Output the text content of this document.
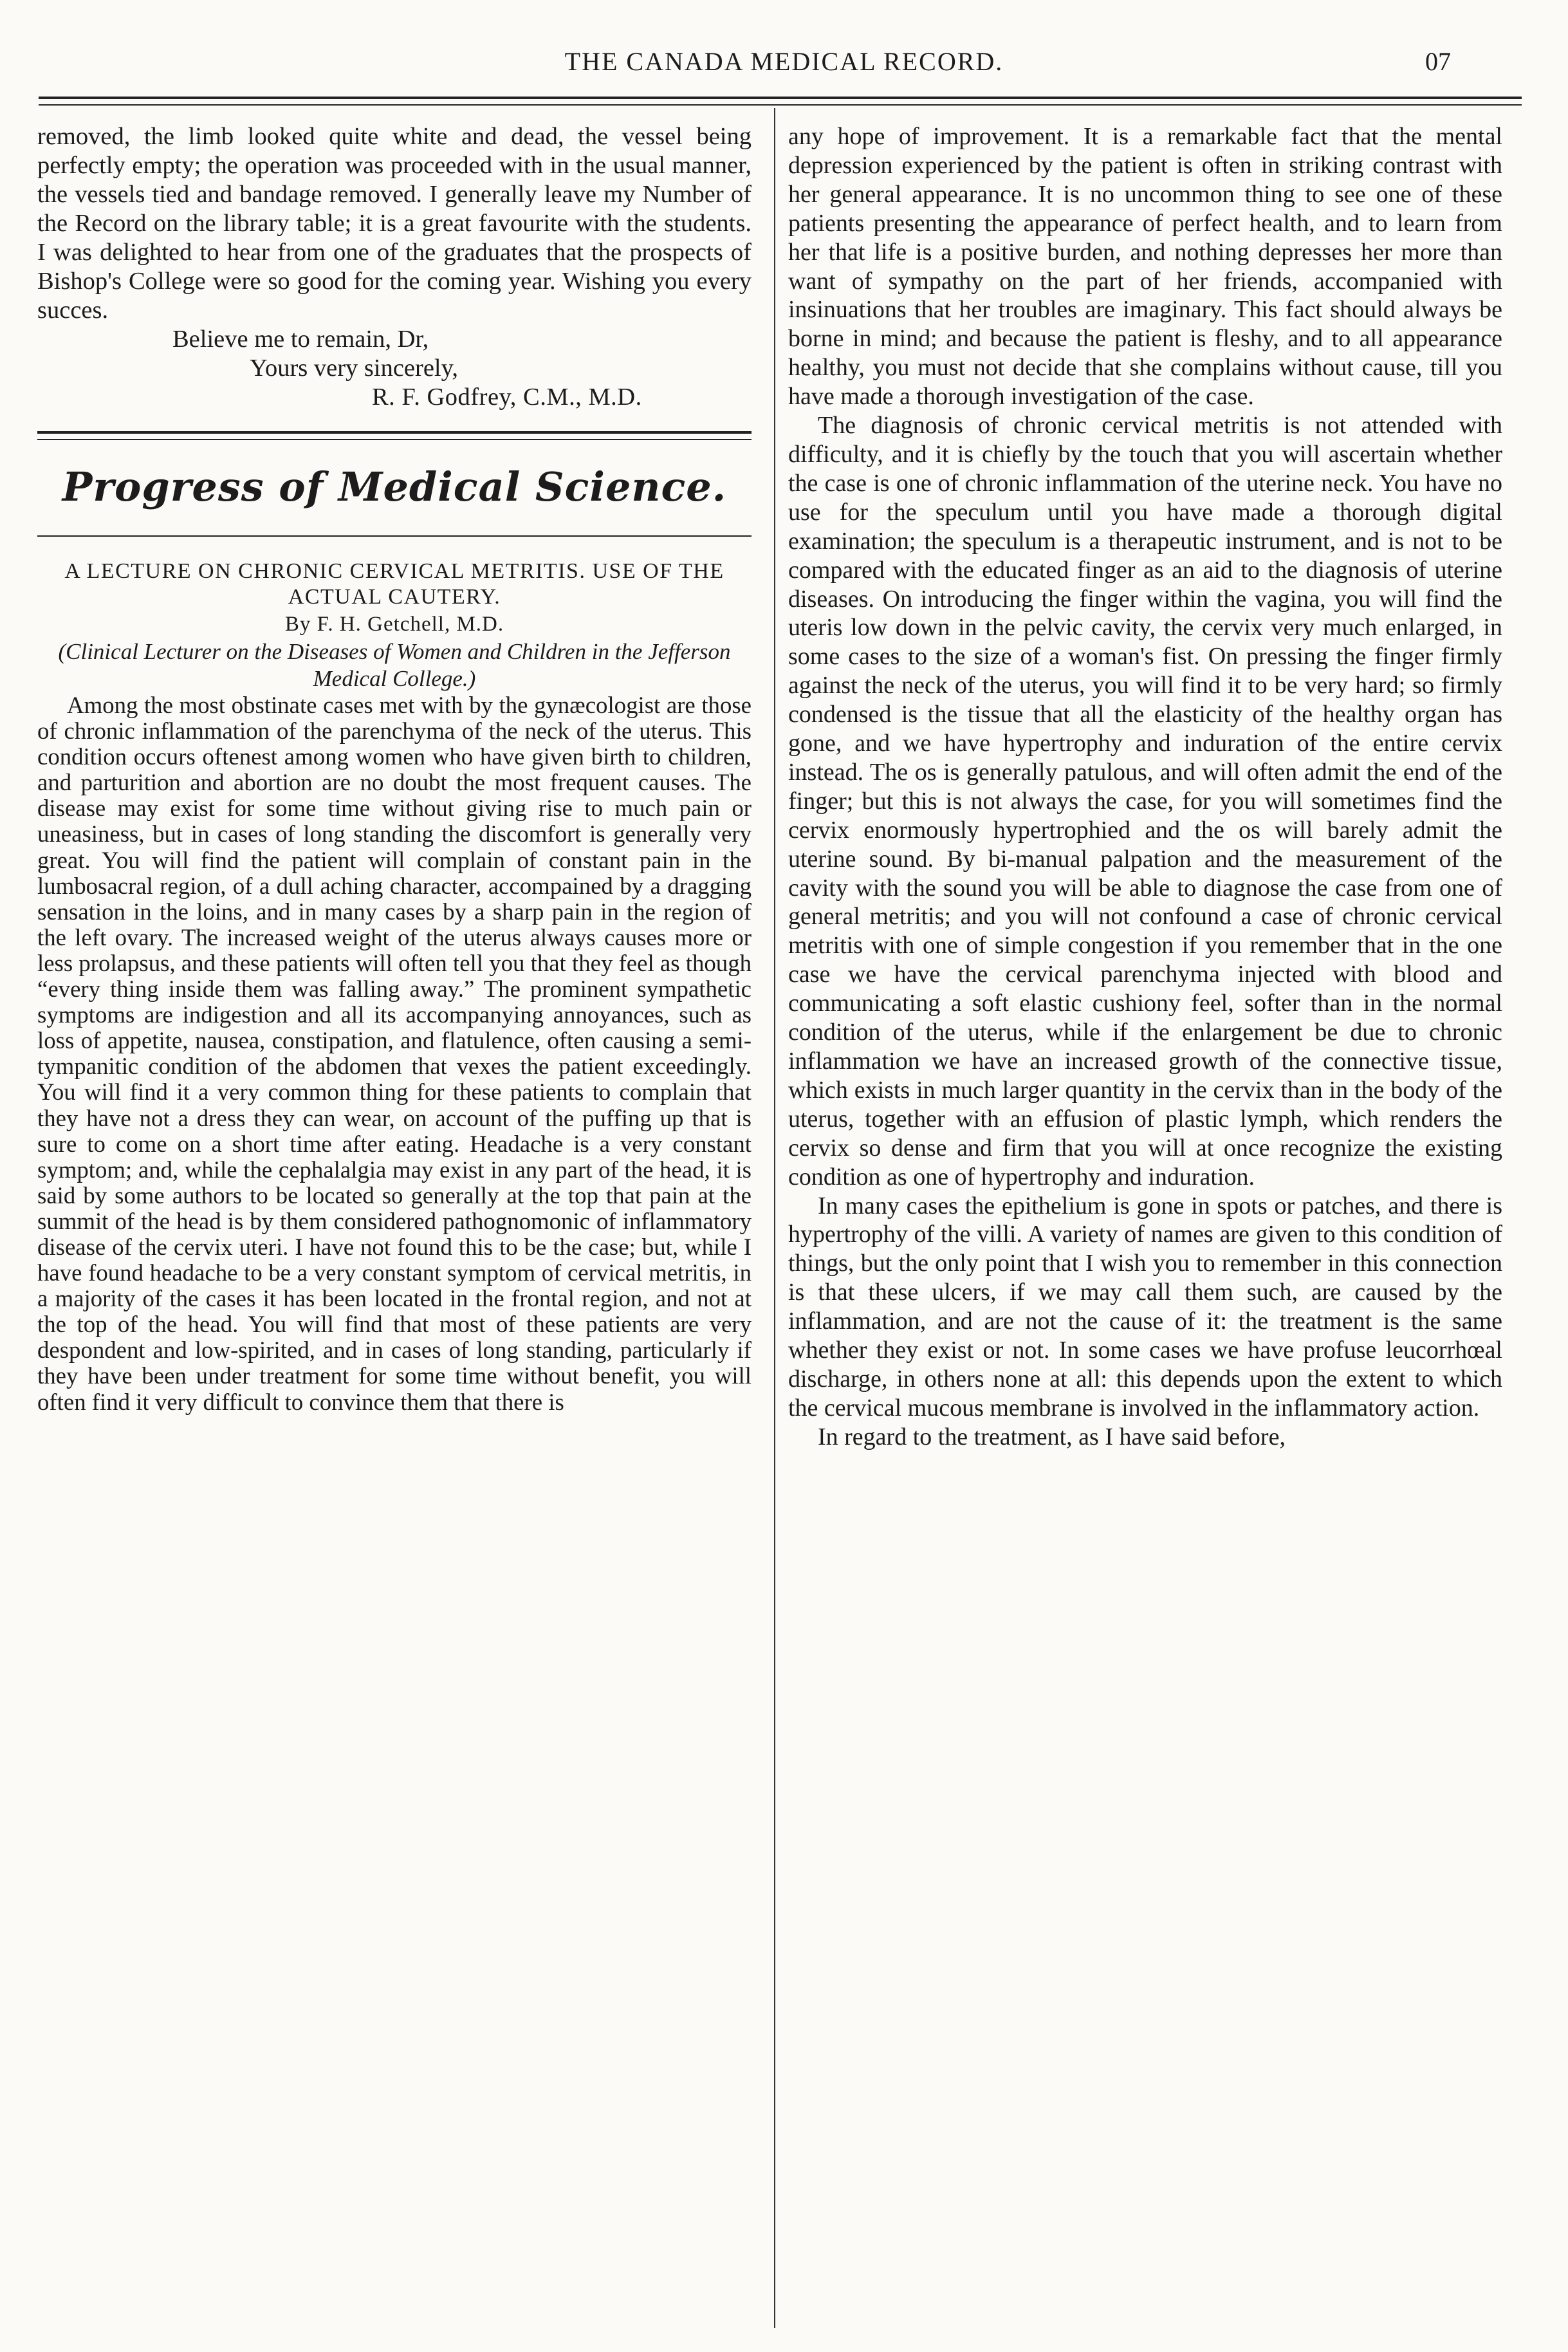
THE CANADA MEDICAL RECORD.	07

removed, the limb looked quite white and dead, the vessel being perfectly empty; the operation was proceeded with in the usual manner, the vessels tied and bandage removed. I generally leave my Number of the Record on the library table; it is a great favourite with the students. I was delighted to hear from one of the graduates that the prospects of Bishop's College were so good for the coming year. Wishing you every succes.

Believe me to remain, Dr,

Yours very sincerely,

R. F. Godfrey, C.M., M.D.

Progress of Medical Science.

A LECTURE ON CHRONIC CERVICAL METRITIS. USE OF THE ACTUAL CAUTERY.

By F. H. Getchell, M.D.

(Clinical Lecturer on the Diseases of Women and Children in the Jefferson Medical College.)

Among the most obstinate cases met with by the gynæcologist are those of chronic inflammation of the parenchyma of the neck of the uterus. This condition occurs oftenest among women who have given birth to children, and parturition and abortion are no doubt the most frequent causes. The disease may exist for some time without giving rise to much pain or uneasiness, but in cases of long standing the discomfort is generally very great. You will find the patient will complain of constant pain in the lumbosacral region, of a dull aching character, accompained by a dragging sensation in the loins, and in many cases by a sharp pain in the region of the left ovary. The increased weight of the uterus always causes more or less prolapsus, and these patients will often tell you that they feel as though “every thing inside them was falling away.” The prominent sympathetic symptoms are indigestion and all its accompanying annoyances, such as loss of appetite, nausea, constipation, and flatulence, often causing a semi-tympanitic condition of the abdomen that vexes the patient exceedingly. You will find it a very common thing for these patients to complain that they have not a dress they can wear, on account of the puffing up that is sure to come on a short time after eating. Headache is a very constant symptom; and, while the cephalalgia may exist in any part of the head, it is said by some authors to be located so generally at the top that pain at the summit of the head is by them considered pathognomonic of inflammatory disease of the cervix uteri. I have not found this to be the case; but, while I have found headache to be a very constant symptom of cervical metritis, in a majority of the cases it has been located in the frontal region, and not at the top of the head. You will find that most of these patients are very despondent and low-spirited, and in cases of long standing, particularly if they have been under treatment for some time without benefit, you will often find it very difficult to convince them that there is

any hope of improvement. It is a remarkable fact that the mental depression experienced by the patient is often in striking contrast with her general appearance. It is no uncommon thing to see one of these patients presenting the appearance of perfect health, and to learn from her that life is a positive burden, and nothing depresses her more than want of sympathy on the part of her friends, accompanied with insinuations that her troubles are imaginary. This fact should always be borne in mind; and because the patient is fleshy, and to all appearance healthy, you must not decide that she complains without cause, till you have made a thorough investigation of the case.

The diagnosis of chronic cervical metritis is not attended with difficulty, and it is chiefly by the touch that you will ascertain whether the case is one of chronic inflammation of the uterine neck. You have no use for the speculum until you have made a thorough digital examination; the speculum is a therapeutic instrument, and is not to be compared with the educated finger as an aid to the diagnosis of uterine diseases. On introducing the finger within the vagina, you will find the uteris low down in the pelvic cavity, the cervix very much enlarged, in some cases to the size of a woman's fist. On pressing the finger firmly against the neck of the uterus, you will find it to be very hard; so firmly condensed is the tissue that all the elasticity of the healthy organ has gone, and we have hypertrophy and induration of the entire cervix instead. The os is generally patulous, and will often admit the end of the finger; but this is not always the case, for you will sometimes find the cervix enormously hypertrophied and the os will barely admit the uterine sound. By bi-manual palpation and the measurement of the cavity with the sound you will be able to diagnose the case from one of general metritis; and you will not confound a case of chronic cervical metritis with one of simple congestion if you remember that in the one case we have the cervical parenchyma injected with blood and communicating a soft elastic cushiony feel, softer than in the normal condition of the uterus, while if the enlargement be due to chronic inflammation we have an increased growth of the connective tissue, which exists in much larger quantity in the cervix than in the body of the uterus, together with an effusion of plastic lymph, which renders the cervix so dense and firm that you will at once recognize the existing condition as one of hypertrophy and induration.

In many cases the epithelium is gone in spots or patches, and there is hypertrophy of the villi. A variety of names are given to this condition of things, but the only point that I wish you to remember in this connection is that these ulcers, if we may call them such, are caused by the inflammation, and are not the cause of it: the treatment is the same whether they exist or not. In some cases we have profuse leucorrhœal discharge, in others none at all: this depends upon the extent to which the cervical mucous membrane is involved in the inflammatory action.

In regard to the treatment, as I have said before,
